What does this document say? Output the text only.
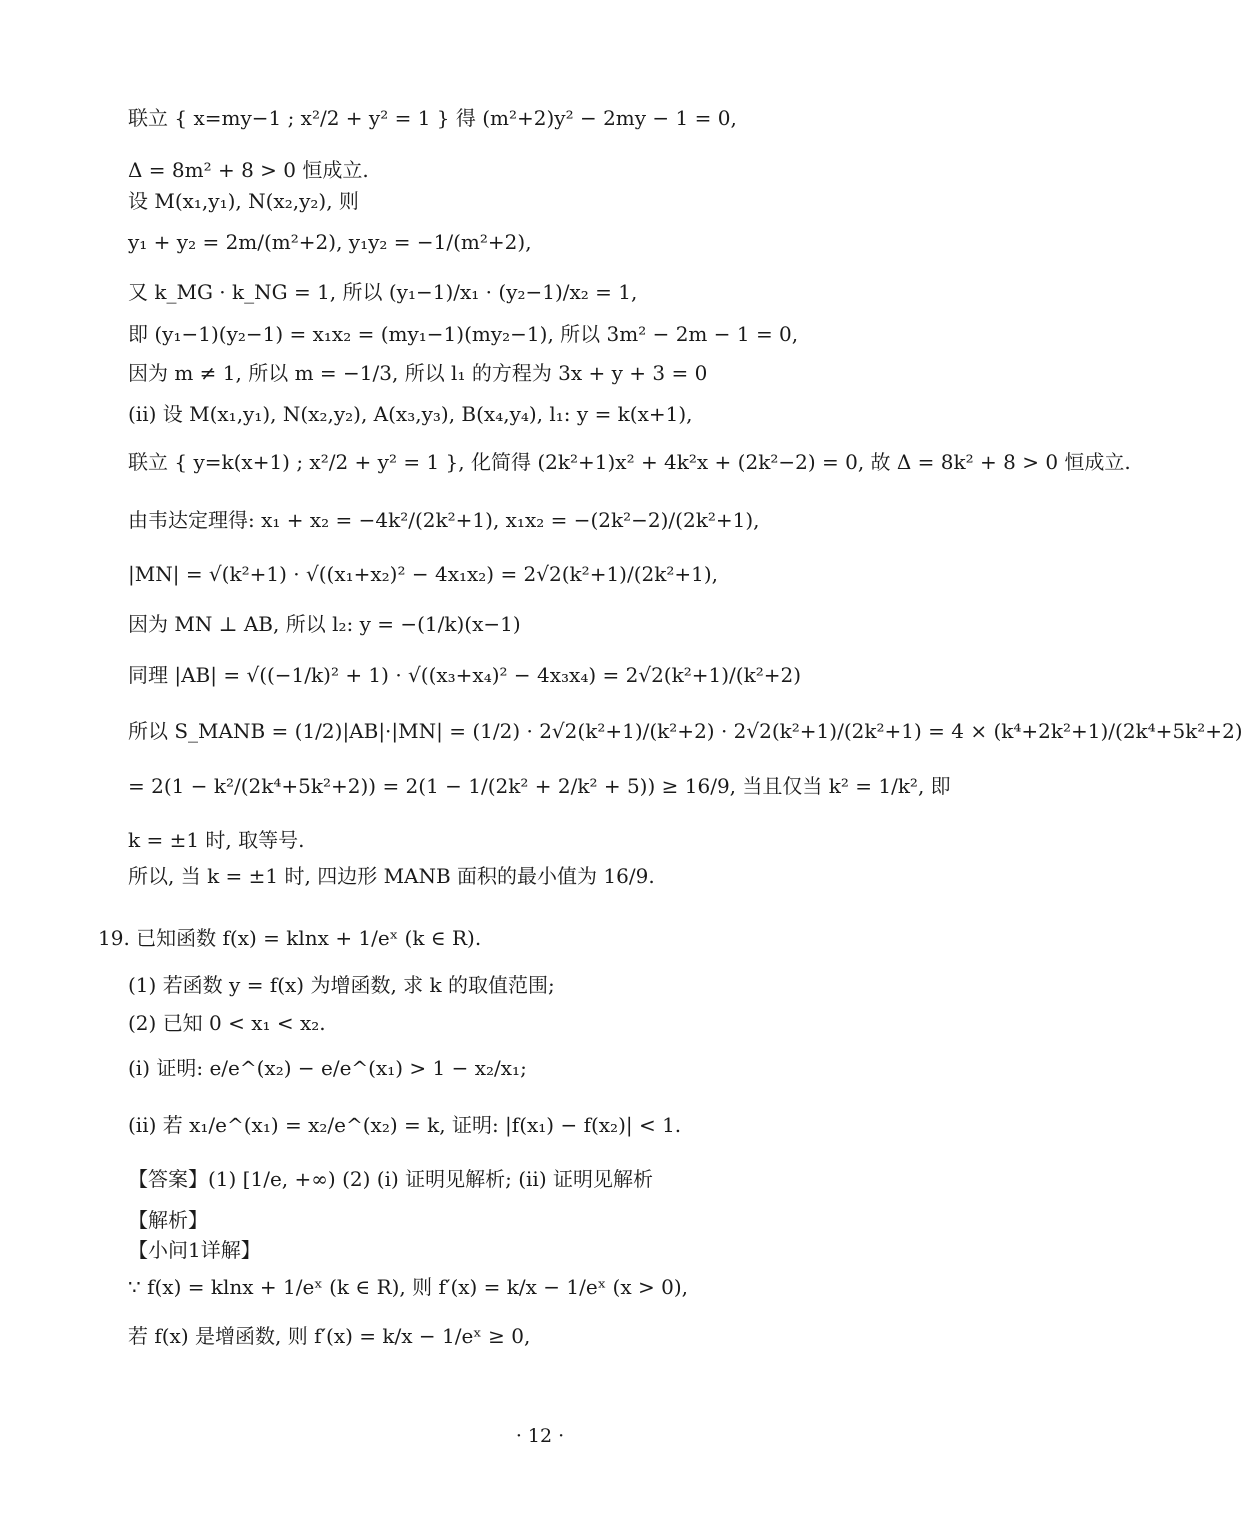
联立 { x=my−1 ; x²/2 + y² = 1 } 得 (m²+2)y² − 2my − 1 = 0,
Δ = 8m² + 8 > 0 恒成立.
设 M(x₁,y₁), N(x₂,y₂), 则
y₁ + y₂ = 2m/(m²+2), y₁y₂ = −1/(m²+2),
又 k_MG · k_NG = 1, 所以 (y₁−1)/x₁ · (y₂−1)/x₂ = 1,
即 (y₁−1)(y₂−1) = x₁x₂ = (my₁−1)(my₂−1), 所以 3m² − 2m − 1 = 0,
因为 m ≠ 1, 所以 m = −1/3, 所以 l₁ 的方程为 3x + y + 3 = 0
(ii) 设 M(x₁,y₁), N(x₂,y₂), A(x₃,y₃), B(x₄,y₄), l₁: y = k(x+1),
联立 { y=k(x+1) ; x²/2 + y² = 1 }, 化简得 (2k²+1)x² + 4k²x + (2k²−2) = 0, 故 Δ = 8k² + 8 > 0 恒成立.
由韦达定理得: x₁ + x₂ = −4k²/(2k²+1), x₁x₂ = −(2k²−2)/(2k²+1),
|MN| = √(k²+1) · √((x₁+x₂)² − 4x₁x₂) = 2√2(k²+1)/(2k²+1),
因为 MN ⊥ AB, 所以 l₂: y = −(1/k)(x−1)
同理 |AB| = √((−1/k)² + 1) · √((x₃+x₄)² − 4x₃x₄) = 2√2(k²+1)/(k²+2)
所以 S_MANB = (1/2)|AB|·|MN| = (1/2) · 2√2(k²+1)/(k²+2) · 2√2(k²+1)/(2k²+1) = 4 × (k⁴+2k²+1)/(2k⁴+5k²+2)
= 2(1 − k²/(2k⁴+5k²+2)) = 2(1 − 1/(2k² + 2/k² + 5)) ≥ 16/9, 当且仅当 k² = 1/k², 即
k = ±1 时, 取等号.
所以, 当 k = ±1 时, 四边形 MANB 面积的最小值为 16/9.
19. 已知函数 f(x) = klnx + 1/eˣ (k ∈ R).
(1) 若函数 y = f(x) 为增函数, 求 k 的取值范围;
(2) 已知 0 < x₁ < x₂.
(i) 证明: e/e^(x₂) − e/e^(x₁) > 1 − x₂/x₁;
(ii) 若 x₁/e^(x₁) = x₂/e^(x₂) = k, 证明: |f(x₁) − f(x₂)| < 1.
【答案】(1) [1/e, +∞) (2) (i) 证明见解析; (ii) 证明见解析
【解析】
【小问1详解】
∵ f(x) = klnx + 1/eˣ (k ∈ R), 则 f′(x) = k/x − 1/eˣ (x > 0),
若 f(x) 是增函数, 则 f′(x) = k/x − 1/eˣ ≥ 0,
· 12 ·
